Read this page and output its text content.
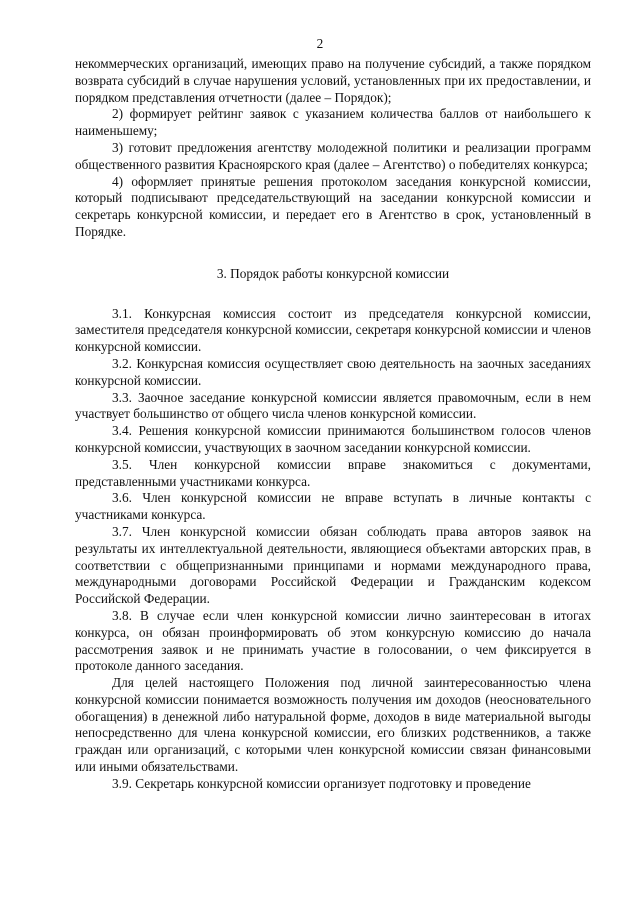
2

некоммерческих организаций, имеющих право на получение субсидий, а также порядком возврата субсидий в случае нарушения условий, установленных при их предоставлении, и порядком представления отчетности (далее – Порядок);

2) формирует рейтинг заявок с указанием количества баллов от наибольшего к наименьшему;

3) готовит предложения агентству молодежной политики и реализации программ общественного развития Красноярского края (далее – Агентство) о победителях конкурса;

4) оформляет принятые решения протоколом заседания конкурсной комиссии, который подписывают председательствующий на заседании конкурсной комиссии и секретарь конкурсной комиссии, и передает его в Агентство в срок, установленный в Порядке.

3. Порядок работы конкурсной комиссии

3.1. Конкурсная комиссия состоит из председателя конкурсной комиссии, заместителя председателя конкурсной комиссии, секретаря конкурсной комиссии и членов конкурсной комиссии.

3.2. Конкурсная комиссия осуществляет свою деятельность на заочных заседаниях конкурсной комиссии.

3.3. Заочное заседание конкурсной комиссии является правомочным, если в нем участвует большинство от общего числа членов конкурсной комиссии.

3.4. Решения конкурсной комиссии принимаются большинством голосов членов конкурсной комиссии, участвующих в заочном заседании конкурсной комиссии.

3.5. Член конкурсной комиссии вправе знакомиться с документами, представленными участниками конкурса.

3.6. Член конкурсной комиссии не вправе вступать в личные контакты с участниками конкурса.

3.7. Член конкурсной комиссии обязан соблюдать права авторов заявок на результаты их интеллектуальной деятельности, являющиеся объектами авторских прав, в соответствии с общепризнанными принципами и нормами международного права, международными договорами Российской Федерации и Гражданским кодексом Российской Федерации.

3.8. В случае если член конкурсной комиссии лично заинтересован в итогах конкурса, он обязан проинформировать об этом конкурсную комиссию до начала рассмотрения заявок и не принимать участие в голосовании, о чем фиксируется в протоколе данного заседания.

Для целей настоящего Положения под личной заинтересованностью члена конкурсной комиссии понимается возможность получения им доходов (неосновательного обогащения) в денежной либо натуральной форме, доходов в виде материальной выгоды непосредственно для члена конкурсной комиссии, его близких родственников, а также граждан или организаций, с которыми член конкурсной комиссии связан финансовыми или иными обязательствами.

3.9. Секретарь конкурсной комиссии организует подготовку и проведение
